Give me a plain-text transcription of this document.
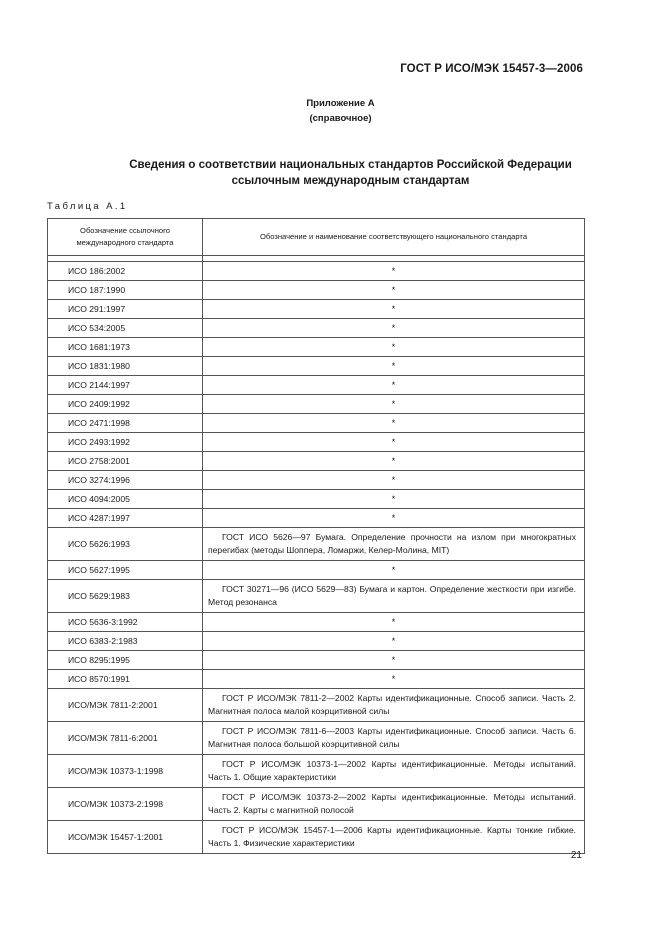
ГОСТ Р ИСО/МЭК 15457-3—2006
Приложение А
(справочное)
Сведения о соответствии национальных стандартов Российской Федерации
ссылочным международным стандартам
Таблица А.1
Обозначение ссылочного
международного стандарта	Обозначение и наименование соответствующего национального стандарта

ИСО 186:2002	*
ИСО 187:1990	*
ИСО 291:1997	*
ИСО 534:2005	*
ИСО 1681:1973	*
ИСО 1831:1980	*
ИСО 2144:1997	*
ИСО 2409:1992	*
ИСО 2471:1998	*
ИСО 2493:1992	*
ИСО 2758:2001	*
ИСО 3274:1996	*
ИСО 4094:2005	*
ИСО 4287:1997	*
ИСО 5626:1993	ГОСТ ИСО 5626—97 Бумага. Определение прочности на излом при многократных перегибах (методы Шоппера, Ломаржи, Келер-Молина, MIT)
ИСО 5627:1995	*
ИСО 5629:1983	ГОСТ 30271—96 (ИСО 5629—83) Бумага и картон. Определение жесткости при изгибе. Метод резонанса
ИСО 5636-3:1992	*
ИСО 6383-2:1983	*
ИСО 8295:1995	*
ИСО 8570:1991	*
ИСО/МЭК 7811-2:2001	ГОСТ Р ИСО/МЭК 7811-2—2002 Карты идентификационные. Способ записи. Часть 2. Магнитная полоса малой коэрцитивной силы
ИСО/МЭК 7811-6:2001	ГОСТ Р ИСО/МЭК 7811-6—2003 Карты идентификационные. Способ записи. Часть 6. Магнитная полоса большой коэрцитивной силы
ИСО/МЭК 10373-1:1998	ГОСТ Р ИСО/МЭК 10373-1—2002 Карты идентификационные. Методы испытаний. Часть 1. Общие характеристики
ИСО/МЭК 10373-2:1998	ГОСТ Р ИСО/МЭК 10373-2—2002 Карты идентификационные. Методы испытаний. Часть 2. Карты с магнитной полосой
ИСО/МЭК 15457-1:2001	ГОСТ Р ИСО/МЭК 15457-1—2006 Карты идентификационные. Карты тонкие гибкие. Часть 1. Физические характеристики
21
